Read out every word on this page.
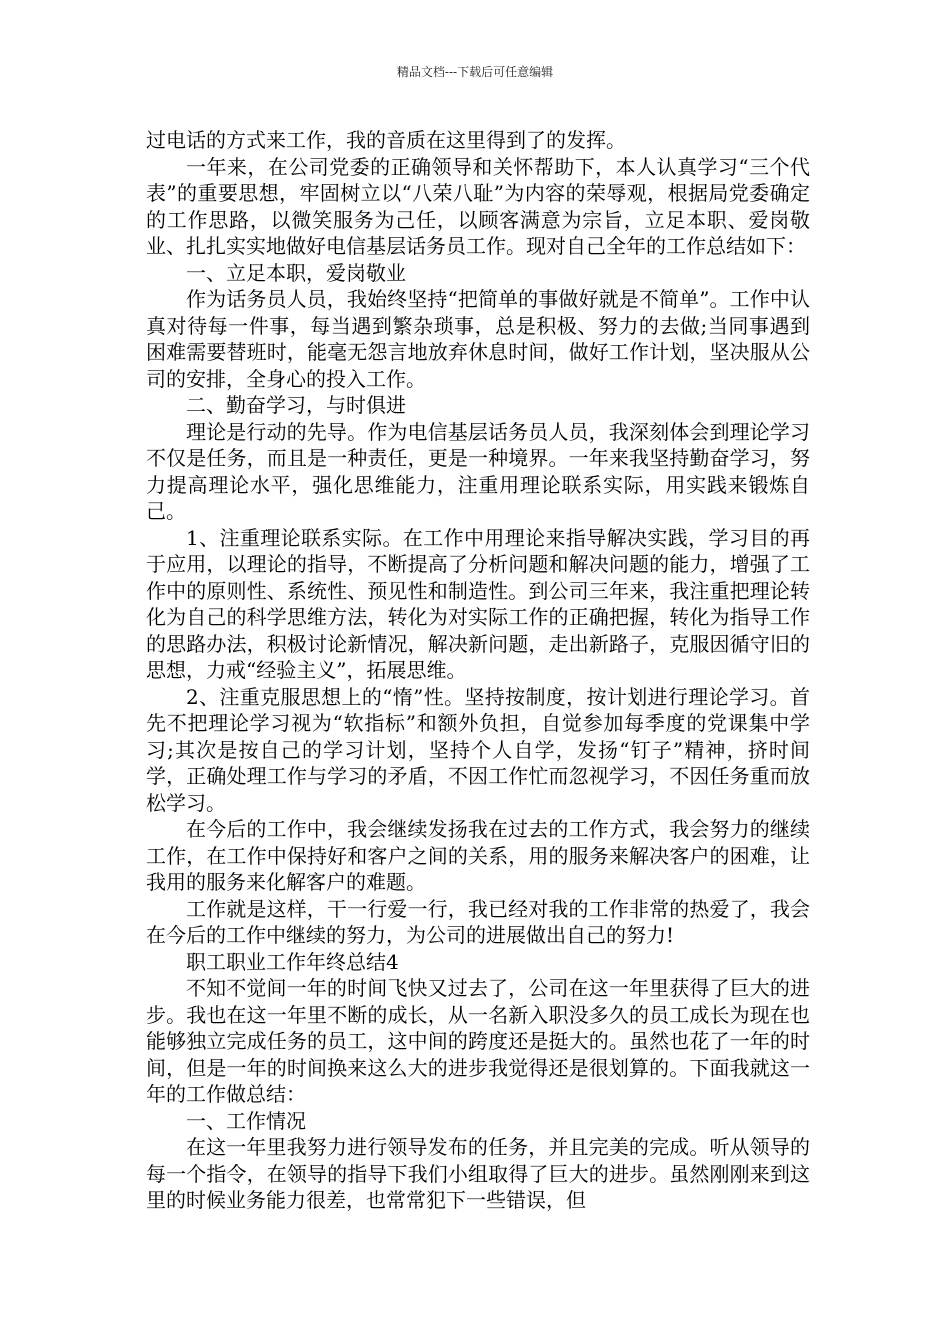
精品文档---下载后可任意编辑

过电话的方式来工作，我的音质在这里得到了的发挥。

一年来，在公司党委的正确领导和关怀帮助下，本人认真学习“三个代表”的重要思想，牢固树立以“八荣八耻”为内容的荣辱观，根据局党委确定的工作思路，以微笑服务为己任，以顾客满意为宗旨，立足本职、爱岗敬业、扎扎实实地做好电信基层话务员工作。现对自己全年的工作总结如下：

一、立足本职，爱岗敬业

作为话务员人员，我始终坚持“把简单的事做好就是不简单”。工作中认真对待每一件事，每当遇到繁杂琐事，总是积极、努力的去做;当同事遇到困难需要替班时，能毫无怨言地放弃休息时间，做好工作计划，坚决服从公司的安排，全身心的投入工作。

二、勤奋学习，与时俱进

理论是行动的先导。作为电信基层话务员人员，我深刻体会到理论学习不仅是任务，而且是一种责任，更是一种境界。一年来我坚持勤奋学习，努力提高理论水平，强化思维能力，注重用理论联系实际，用实践来锻炼自己。

1、注重理论联系实际。在工作中用理论来指导解决实践，学习目的再于应用，以理论的指导，不断提高了分析问题和解决问题的能力，增强了工作中的原则性、系统性、预见性和制造性。到公司三年来，我注重把理论转化为自己的科学思维方法，转化为对实际工作的正确把握，转化为指导工作的思路办法，积极讨论新情况，解决新问题，走出新路子，克服因循守旧的思想，力戒“经验主义”，拓展思维。

2、注重克服思想上的“惰”性。坚持按制度，按计划进行理论学习。首先不把理论学习视为“软指标”和额外负担，自觉参加每季度的党课集中学习;其次是按自己的学习计划，坚持个人自学，发扬“钉子”精神，挤时间学，正确处理工作与学习的矛盾，不因工作忙而忽视学习，不因任务重而放松学习。

在今后的工作中，我会继续发扬我在过去的工作方式，我会努力的继续工作，在工作中保持好和客户之间的关系，用的服务来解决客户的困难，让我用的服务来化解客户的难题。

工作就是这样，干一行爱一行，我已经对我的工作非常的热爱了，我会在今后的工作中继续的努力，为公司的进展做出自己的努力!

职工职业工作年终总结4

不知不觉间一年的时间飞快又过去了，公司在这一年里获得了巨大的进步。我也在这一年里不断的成长，从一名新入职没多久的员工成长为现在也能够独立完成任务的员工，这中间的跨度还是挺大的。虽然也花了一年的时间，但是一年的时间换来这么大的进步我觉得还是很划算的。下面我就这一年的工作做总结：

一、工作情况

在这一年里我努力进行领导发布的任务，并且完美的完成。听从领导的每一个指令，在领导的指导下我们小组取得了巨大的进步。虽然刚刚来到这里的时候业务能力很差，也常常犯下一些错误，但
